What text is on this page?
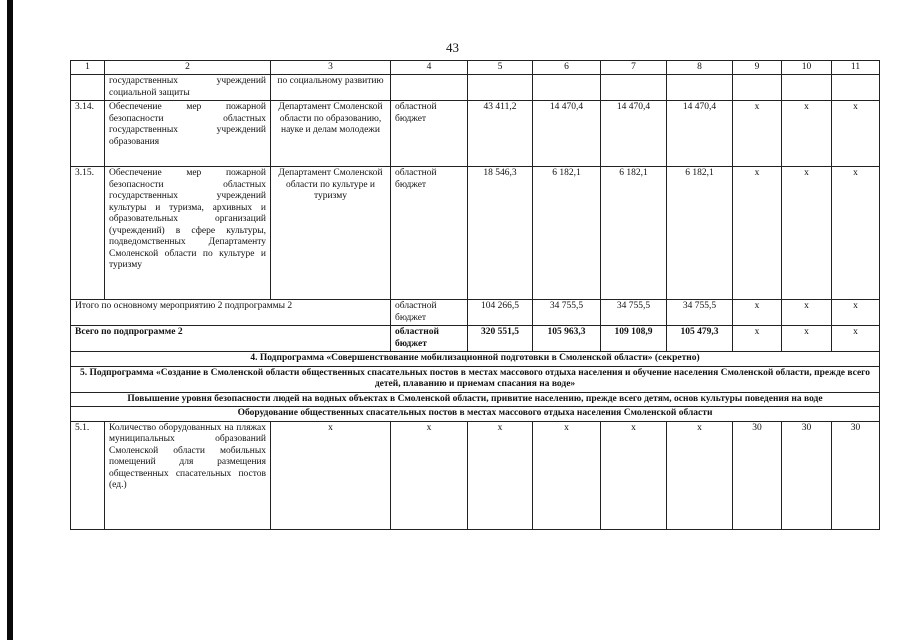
43
1	2	3	4	5	6	7	8	9	10	11
	государственных учреждений социальной защиты	по социальному развитию								
3.14.	Обеспечение мер пожарной безопасности областных государственных учреждений образования	Департамент Смоленской области по образованию, науке и делам молодежи	областной бюджет	43 411,2	14 470,4	14 470,4	14 470,4	х	х	х
3.15.	Обеспечение мер пожарной безопасности областных государственных учреждений культуры и туризма, архивных и образовательных организаций (учреждений) в сфере культуры, подведомственных Департаменту Смоленской области по культуре и туризму	Департамент Смоленской области по культуре и туризму	областной бюджет	18 546,3	6 182,1	6 182,1	6 182,1	х	х	х
Итого по основному мероприятию 2 подпрограммы 2			областной бюджет	104 266,5	34 755,5	34 755,5	34 755,5	х	х	х
Всего по подпрограмме 2			областной бюджет	320 551,5	105 963,3	109 108,9	105 479,3	х	х	х
4. Подпрограмма «Совершенствование мобилизационной подготовки в Смоленской области» (секретно)										
5. Подпрограмма «Создание в Смоленской области общественных спасательных постов в местах массового отдыха населения и обучение населения Смоленской области, прежде всего детей, плаванию и приемам спасания на воде»										
Повышение уровня безопасности людей на водных объектах в Смоленской области, привитие населению, прежде всего детям, основ культуры поведения на воде										
Оборудование общественных спасательных постов в местах массового отдыха населения Смоленской области										
5.1.	Количество оборудованных на пляжах муниципальных образований Смоленской области мобильных помещений для размещения общественных спасательных постов (ед.)	х	х	х	х	х	х	30	30	30
